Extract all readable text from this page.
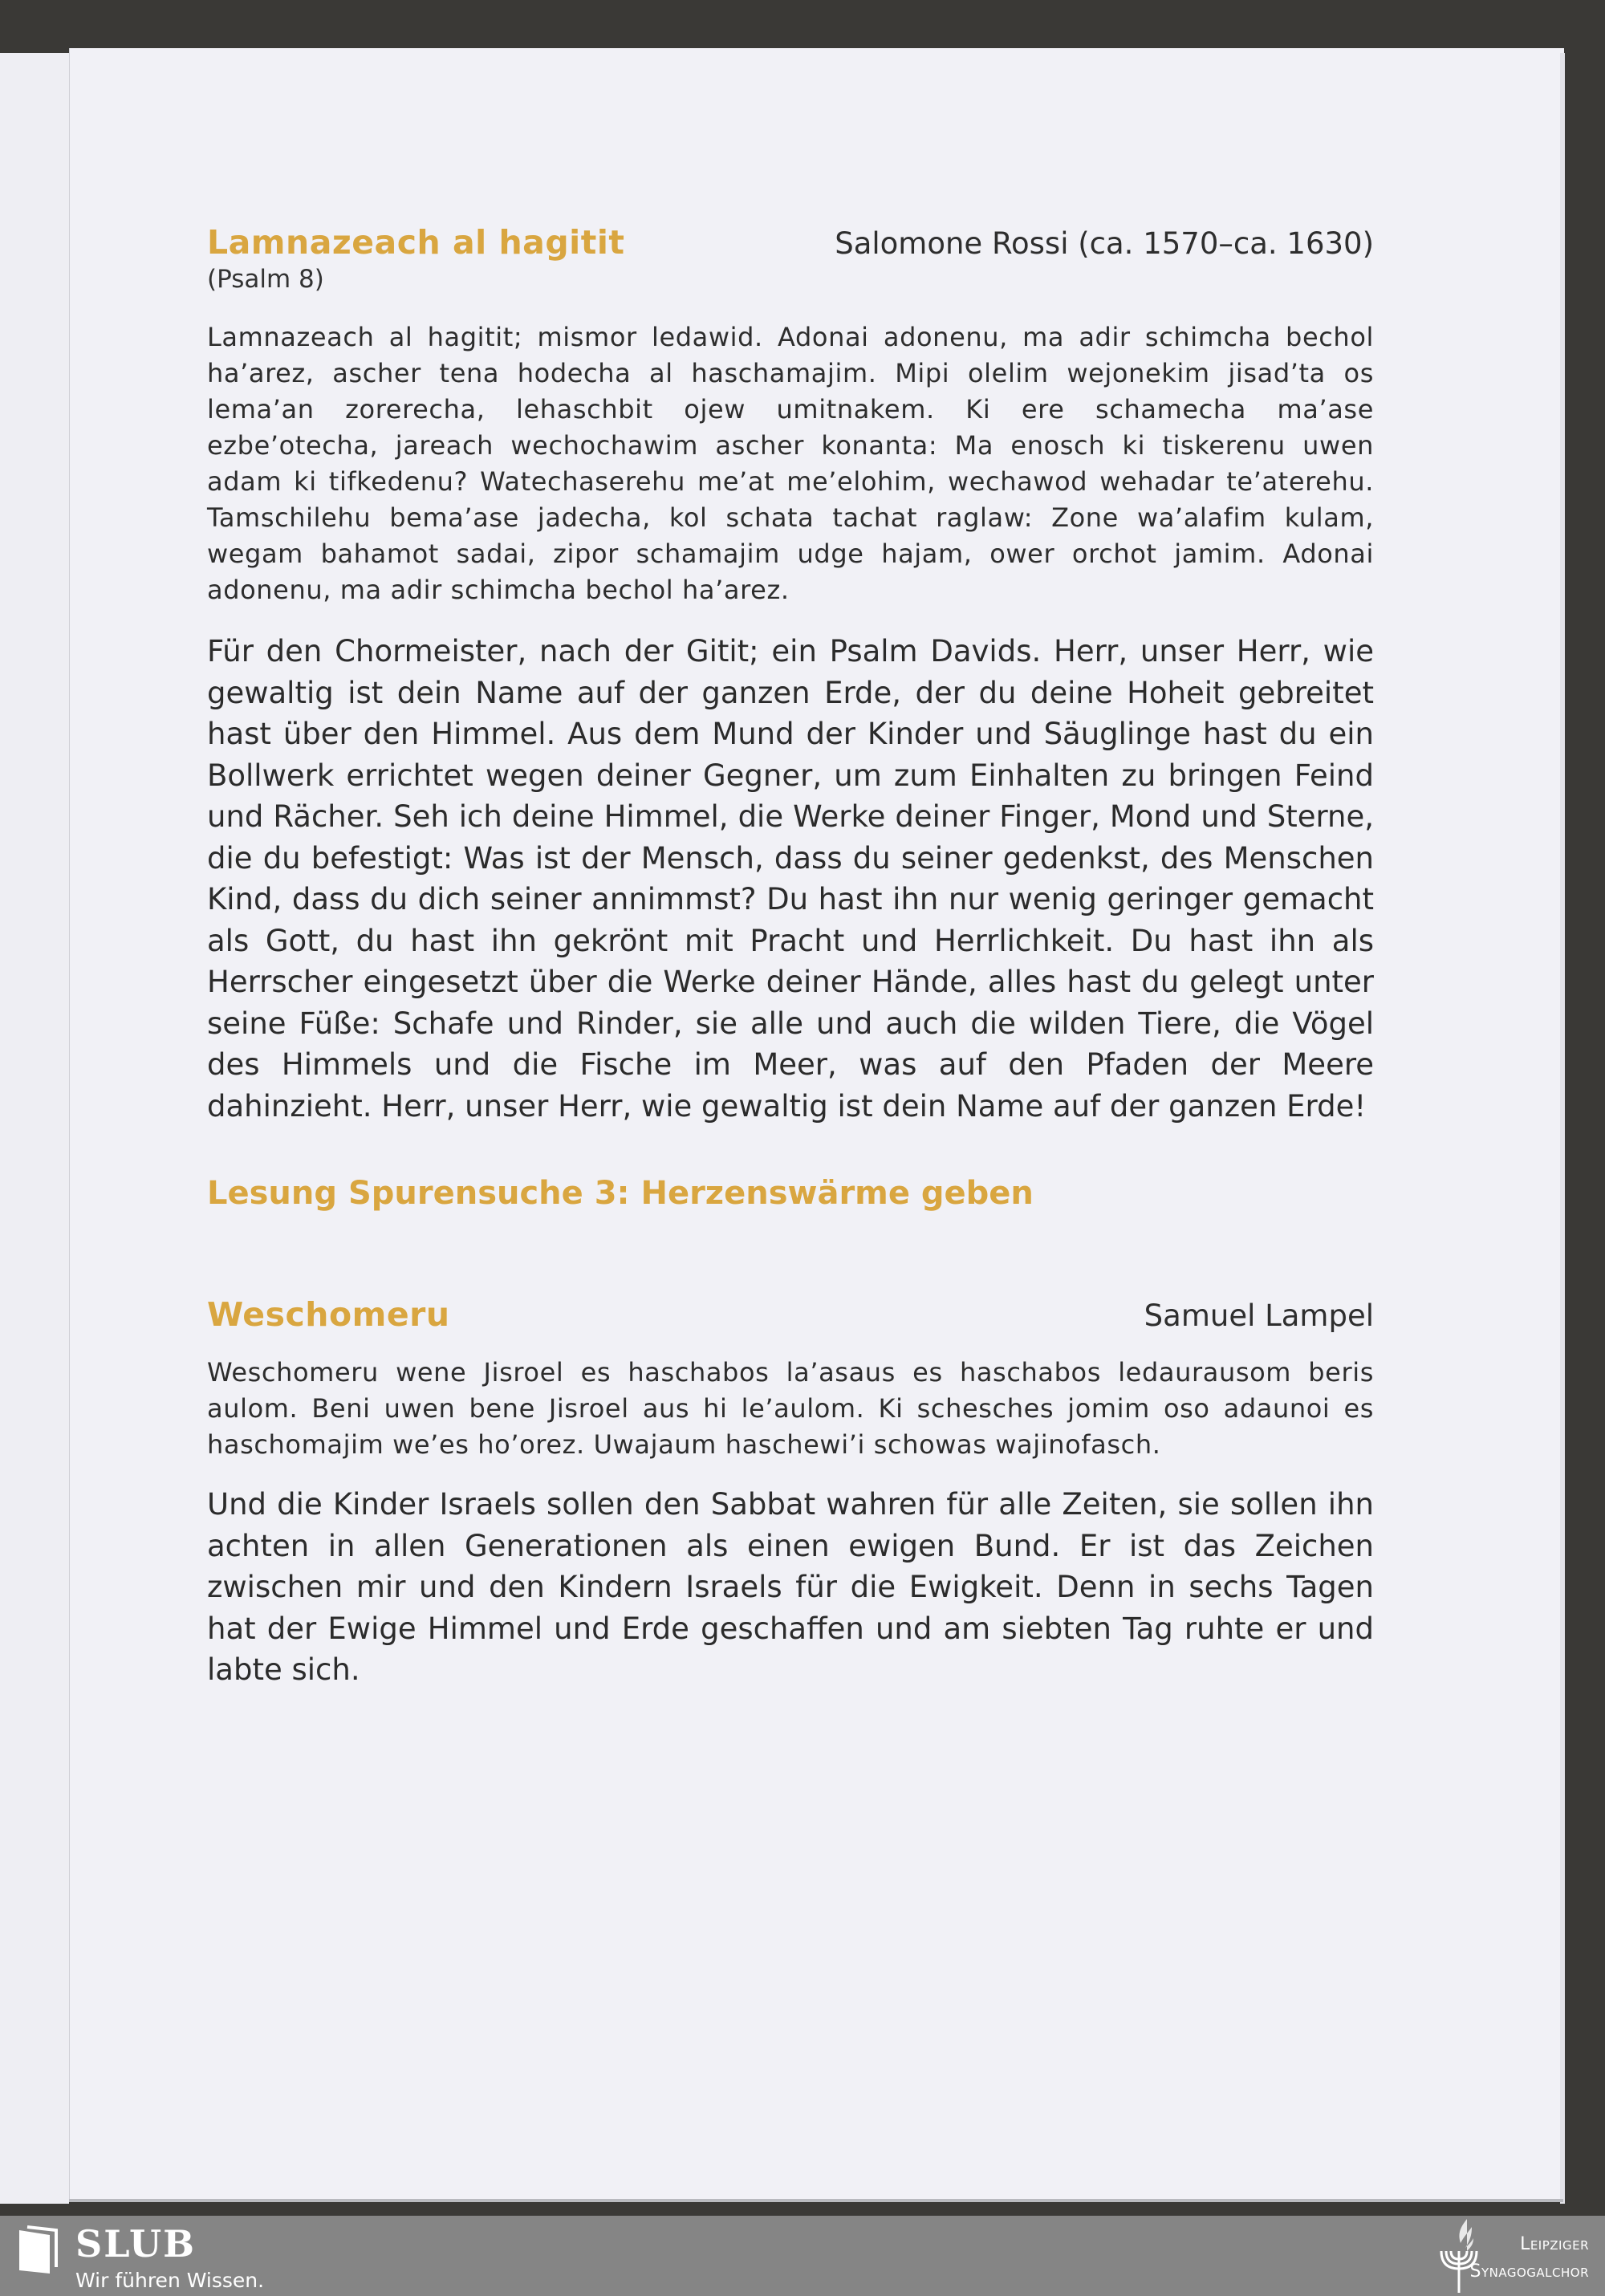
Lamnazeach al hagitit	Salomone Rossi (ca. 1570–ca. 1630)
(Psalm 8)

Lamnazeach al hagitit; mismor ledawid. Adonai adonenu, ma adir schimcha bechol ha’arez, ascher tena hodecha al haschamajim. Mipi olelim wejonekim jisad’ta os lema’an zorerecha, lehaschbit ojew umitnakem. Ki ere schamecha ma’ase ezbe’otecha, jareach wechochawim ascher konanta: Ma enosch ki tiskerenu uwen adam ki tifkedenu? Watechaserehu me’at me’elohim, wechawod wehadar te’aterehu. Tamschilehu bema’ase jadecha, kol schata tachat raglaw: Zone wa’alafim kulam, wegam bahamot sadai, zipor schamajim udge hajam, ower orchot jamim. Adonai adonenu, ma adir schimcha bechol ha’arez.

Für den Chormeister, nach der Gitit; ein Psalm Davids. Herr, unser Herr, wie gewaltig ist dein Name auf der ganzen Erde, der du deine Hoheit gebreitet hast über den Himmel. Aus dem Mund der Kinder und Säuglinge hast du ein Bollwerk errichtet wegen deiner Gegner, um zum Einhalten zu bringen Feind und Rächer. Seh ich deine Himmel, die Werke deiner Finger, Mond und Sterne, die du befestigt: Was ist der Mensch, dass du seiner gedenkst, des Menschen Kind, dass du dich seiner annimmst? Du hast ihn nur wenig geringer gemacht als Gott, du hast ihn gekrönt mit Pracht und Herrlichkeit. Du hast ihn als Herrscher eingesetzt über die Werke deiner Hände, alles hast du gelegt unter seine Füße: Schafe und Rinder, sie alle und auch die wilden Tiere, die Vögel des Himmels und die Fische im Meer, was auf den Pfaden der Meere dahinzieht. Herr, unser Herr, wie gewaltig ist dein Name auf der ganzen Erde!

Lesung Spurensuche 3: Herzenswärme geben
Weschomeru	Samuel Lampel

Weschomeru wene Jisroel es haschabos la’asaus es haschabos ledaurausom beris aulom. Beni uwen bene Jisroel aus hi le’aulom. Ki schesches jomim oso adaunoi es haschomajim we’es ho’orez. Uwajaum haschewi’i schowas wajinofasch.

Und die Kinder Israels sollen den Sabbat wahren für alle Zeiten, sie sollen ihn achten in allen Generationen als einen ewigen Bund. Er ist das Zeichen zwischen mir und den Kindern Israels für die Ewigkeit. Denn in sechs Tagen hat der Ewige Himmel und Erde geschaffen und am siebten Tag ruhte er und labte sich.

SLUB
Wir führen Wissen.
Leipziger
Synagogalchor
